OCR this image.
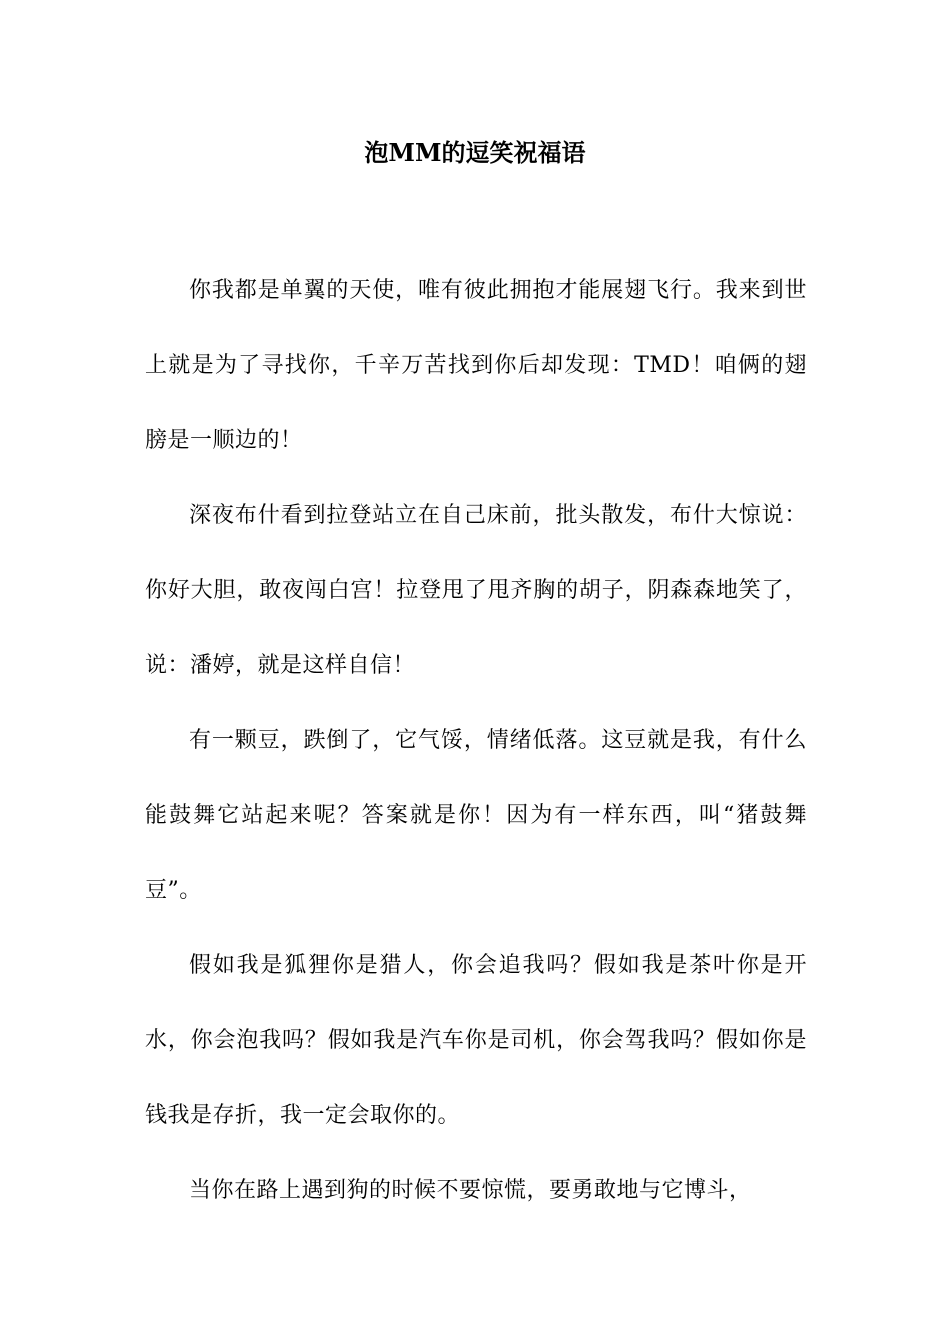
泡MM的逗笑祝福语

你我都是单翼的天使，唯有彼此拥抱才能展翅飞行。我来到世上就是为了寻找你，千辛万苦找到你后却发现：TMD！咱俩的翅膀是一顺边的！

深夜布什看到拉登站立在自己床前，批头散发，布什大惊说：你好大胆，敢夜闯白宫！拉登甩了甩齐胸的胡子，阴森森地笑了，说：潘婷，就是这样自信！

有一颗豆，跌倒了，它气馁，情绪低落。这豆就是我，有什么能鼓舞它站起来呢？答案就是你！因为有一样东西，叫“猪鼓舞豆”。

假如我是狐狸你是猎人，你会追我吗？假如我是茶叶你是开水，你会泡我吗？假如我是汽车你是司机，你会驾我吗？假如你是钱我是存折，我一定会取你的。

当你在路上遇到狗的时候不要惊慌，要勇敢地与它博斗，
